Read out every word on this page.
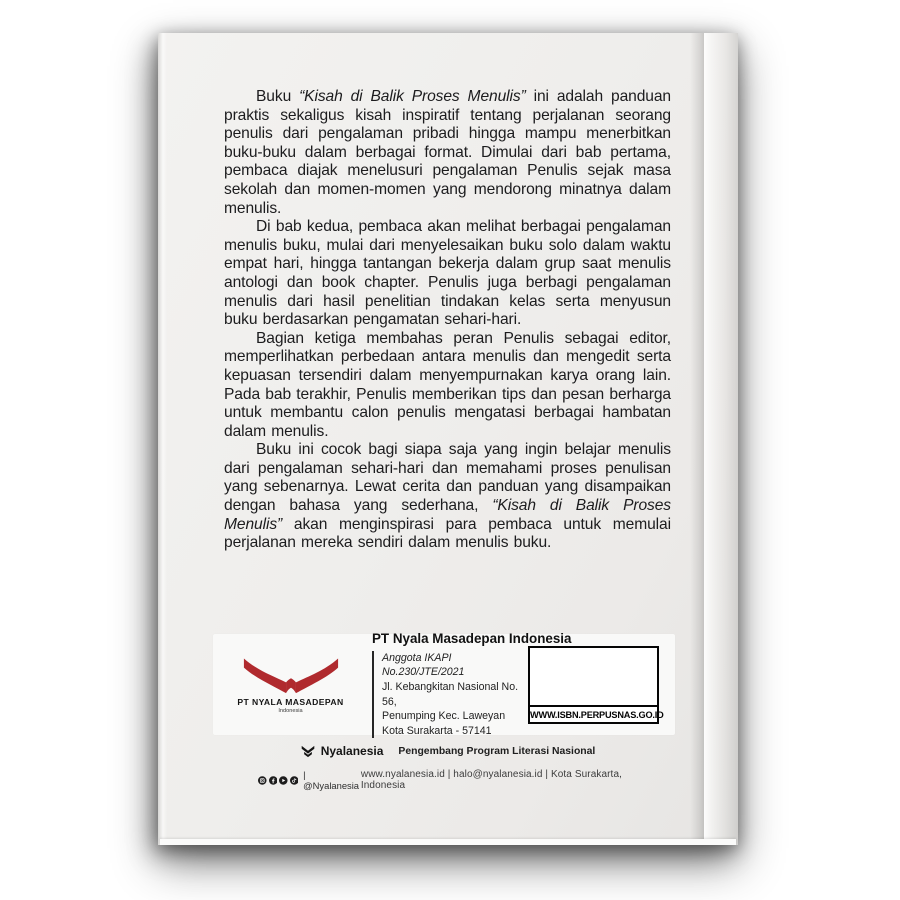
Buku “Kisah di Balik Proses Menulis” ini adalah panduan praktis sekaligus kisah inspiratif tentang perjalanan seorang penulis dari pengalaman pribadi hingga mampu menerbitkan buku-buku dalam berbagai format. Dimulai dari bab pertama, pembaca diajak menelusuri pengalaman Penulis sejak masa sekolah dan momen-momen yang mendorong minatnya dalam menulis.

Di bab kedua, pembaca akan melihat berbagai pengalaman menulis buku, mulai dari menyelesaikan buku solo dalam waktu empat hari, hingga tantangan bekerja dalam grup saat menulis antologi dan book chapter. Penulis juga berbagi pengalaman menulis dari hasil penelitian tindakan kelas serta menyusun buku berdasarkan pengamatan sehari-hari.

Bagian ketiga membahas peran Penulis sebagai editor, memperlihatkan perbedaan antara menulis dan mengedit serta kepuasan tersendiri dalam menyempurnakan karya orang lain. Pada bab terakhir, Penulis memberikan tips dan pesan berharga untuk membantu calon penulis mengatasi berbagai hambatan dalam menulis.

Buku ini cocok bagi siapa saja yang ingin belajar menulis dari pengalaman sehari-hari dan memahami proses penulisan yang sebenarnya. Lewat cerita dan panduan yang disampaikan dengan bahasa yang sederhana, “Kisah di Balik Proses Menulis” akan menginspirasi para pembaca untuk memulai perjalanan mereka sendiri dalam menulis buku.

PT NYALA MASADEPAN
Indonesia

PT Nyala Masadepan Indonesia

Anggota IKAPI No.230/JTE/2021
Jl. Kebangkitan Nasional No. 56,
Penumping Kec. Laweyan
Kota Surakarta - 57141
WWW.ISBN.PERPUSNAS.GO.ID
Nyalanesia Pengembang Program Literasi Nasional
| @Nyalanesia
www.nyalanesia.id | halo@nyalanesia.id | Kota Surakarta, Indonesia
